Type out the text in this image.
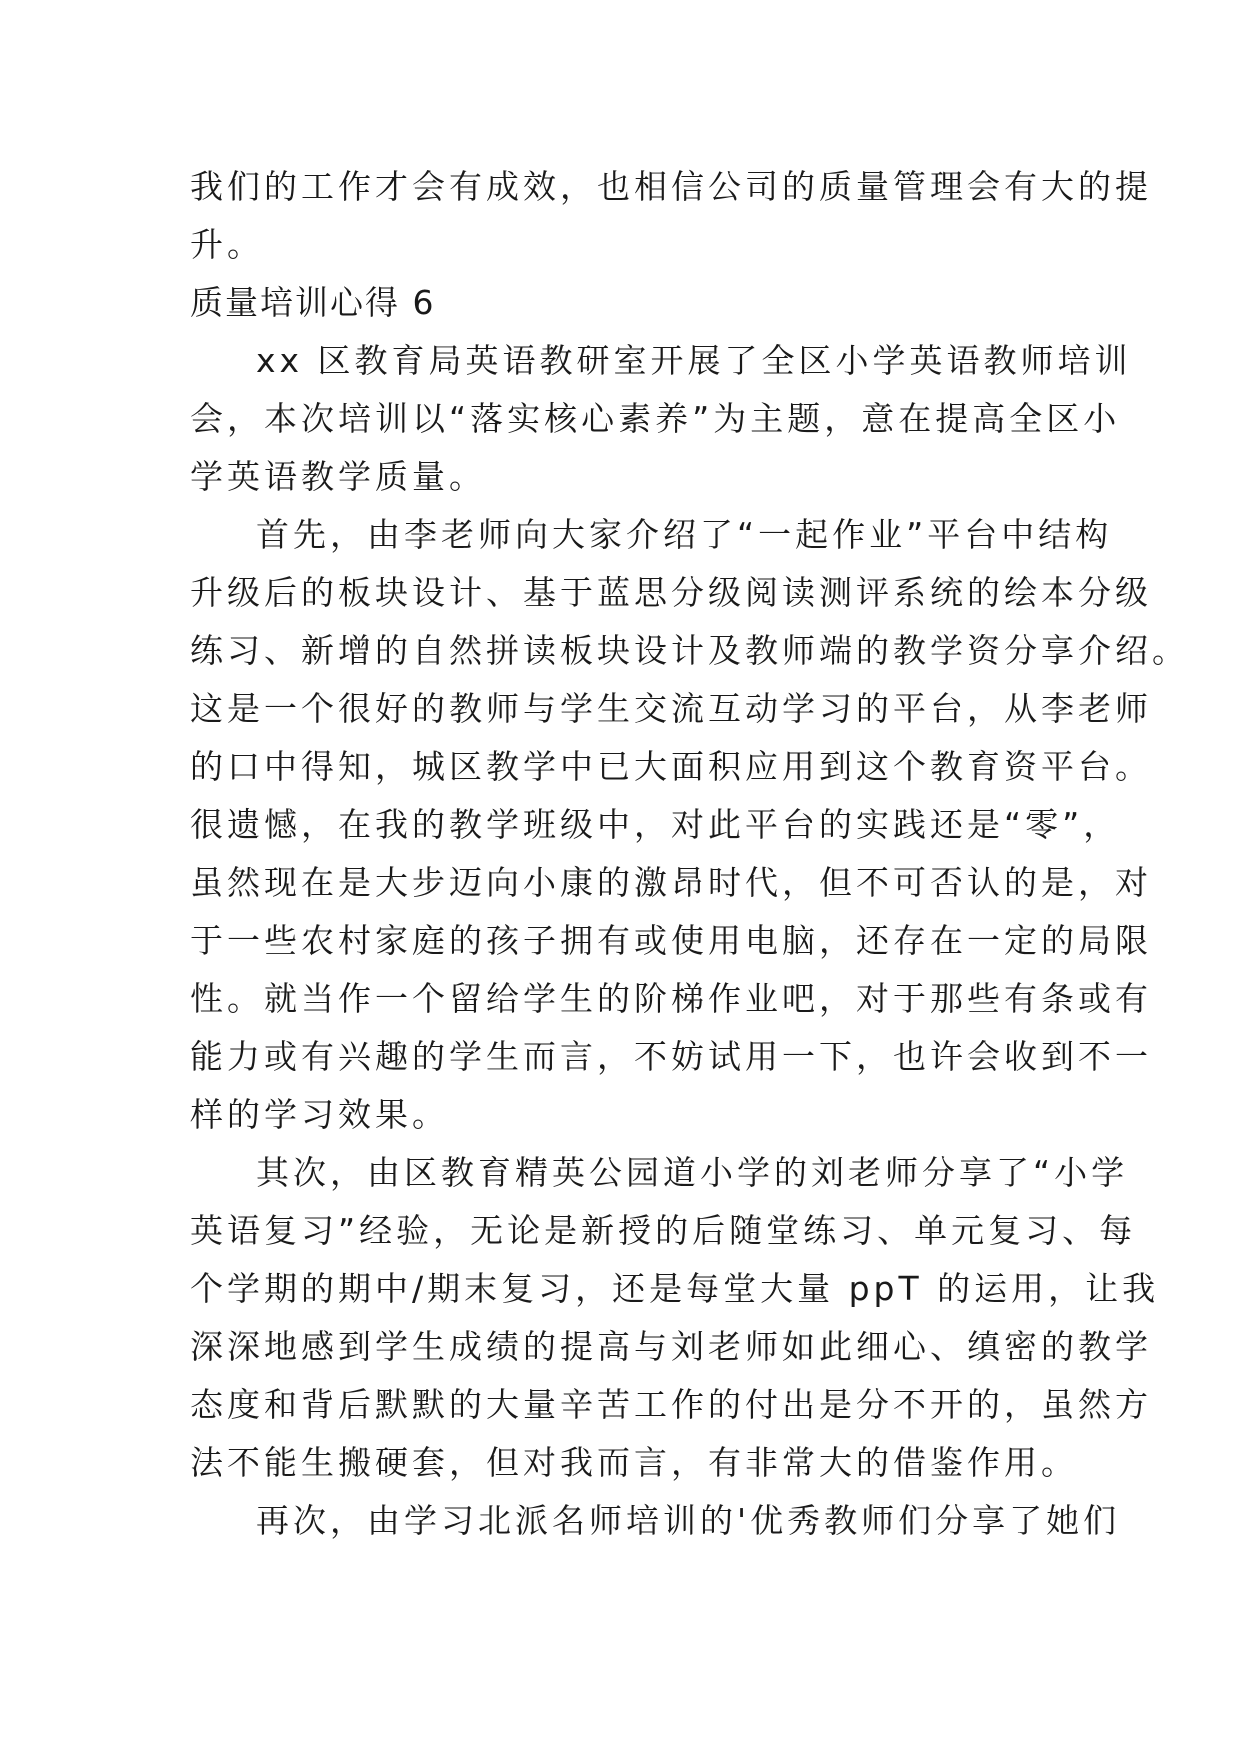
我们的工作才会有成效，也相信公司的质量管理会有大的提
升。
质量培训心得 6
xx 区教育局英语教研室开展了全区小学英语教师培训
会，本次培训以“落实核心素养”为主题，意在提高全区小
学英语教学质量。
首先，由李老师向大家介绍了“一起作业”平台中结构
升级后的板块设计、基于蓝思分级阅读测评系统的绘本分级
练习、新增的自然拼读板块设计及教师端的教学资分享介绍。
这是一个很好的教师与学生交流互动学习的平台，从李老师
的口中得知，城区教学中已大面积应用到这个教育资平台。
很遗憾，在我的教学班级中，对此平台的实践还是“零”，
虽然现在是大步迈向小康的激昂时代，但不可否认的是，对
于一些农村家庭的孩子拥有或使用电脑，还存在一定的局限
性。就当作一个留给学生的阶梯作业吧，对于那些有条或有
能力或有兴趣的学生而言，不妨试用一下，也许会收到不一
样的学习效果。
其次，由区教育精英公园道小学的刘老师分享了“小学
英语复习”经验，无论是新授的后随堂练习、单元复习、每
个学期的期中/期末复习，还是每堂大量 ppT 的运用，让我
深深地感到学生成绩的提高与刘老师如此细心、缜密的教学
态度和背后默默的大量辛苦工作的付出是分不开的，虽然方
法不能生搬硬套，但对我而言，有非常大的借鉴作用。
再次，由学习北派名师培训的'优秀教师们分享了她们
